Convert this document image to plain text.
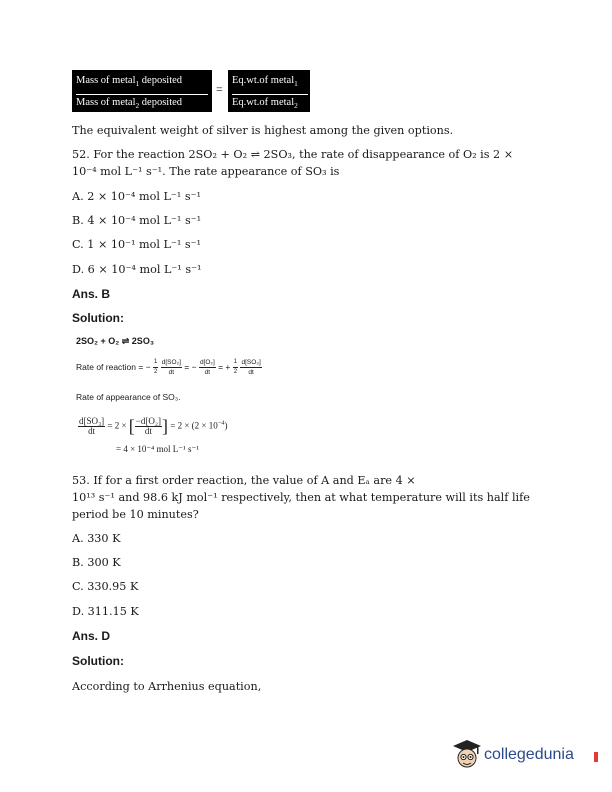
Mass of metal$_1$ deposited
Mass of metal$_2$ deposited
=
Eq.wt.of metal$_1$
Eq.wt.of metal$_2$
The equivalent weight of silver is highest among the given options.
52. For the reaction 2SO₂ + O₂ ⇌ 2SO₃, the rate of disappearance of O₂ is 2 ×
10⁻⁴ mol L⁻¹ s⁻¹. The rate appearance of SO₃ is
A. 2 × 10⁻⁴ mol L⁻¹ s⁻¹
B. 4 × 10⁻⁴ mol L⁻¹ s⁻¹
C. 1 × 10⁻¹ mol L⁻¹ s⁻¹
D. 6 × 10⁻⁴ mol L⁻¹ s⁻¹
Ans. B
Solution:
2SO₂ + O₂ ⇌ 2SO₃
Rate of reaction = − $\frac{1}{2}$
$\frac{\text{d[SO₂]}}{dt}$ = − $\frac{\text{d[O₂]}}{dt}$ = + $\frac{1}{2}$
$\frac{\text{d[SO₃]}}{dt}$
Rate of appearance of SO₃.
$\frac{\text{d[SO₃]}}{dt} = 2$ × [ $\frac{\text{−d[O₂]}}{dt}$ ] = $2 \times (2 \times 10^{-4})$
= 4 × 10⁻⁴ mol L⁻¹ s⁻¹
53. If for a first order reaction, the value of A and Eₐ are 4 ×
10¹³ s⁻¹ and 98.6 kJ mol⁻¹ respectively, then at what temperature will its half life
period be 10 minutes?
A. 330 K
B. 300 K
C. 330.95 K
D. 311.15 K
Ans. D
Solution:
According to Arrhenius equation,
collegedunia
